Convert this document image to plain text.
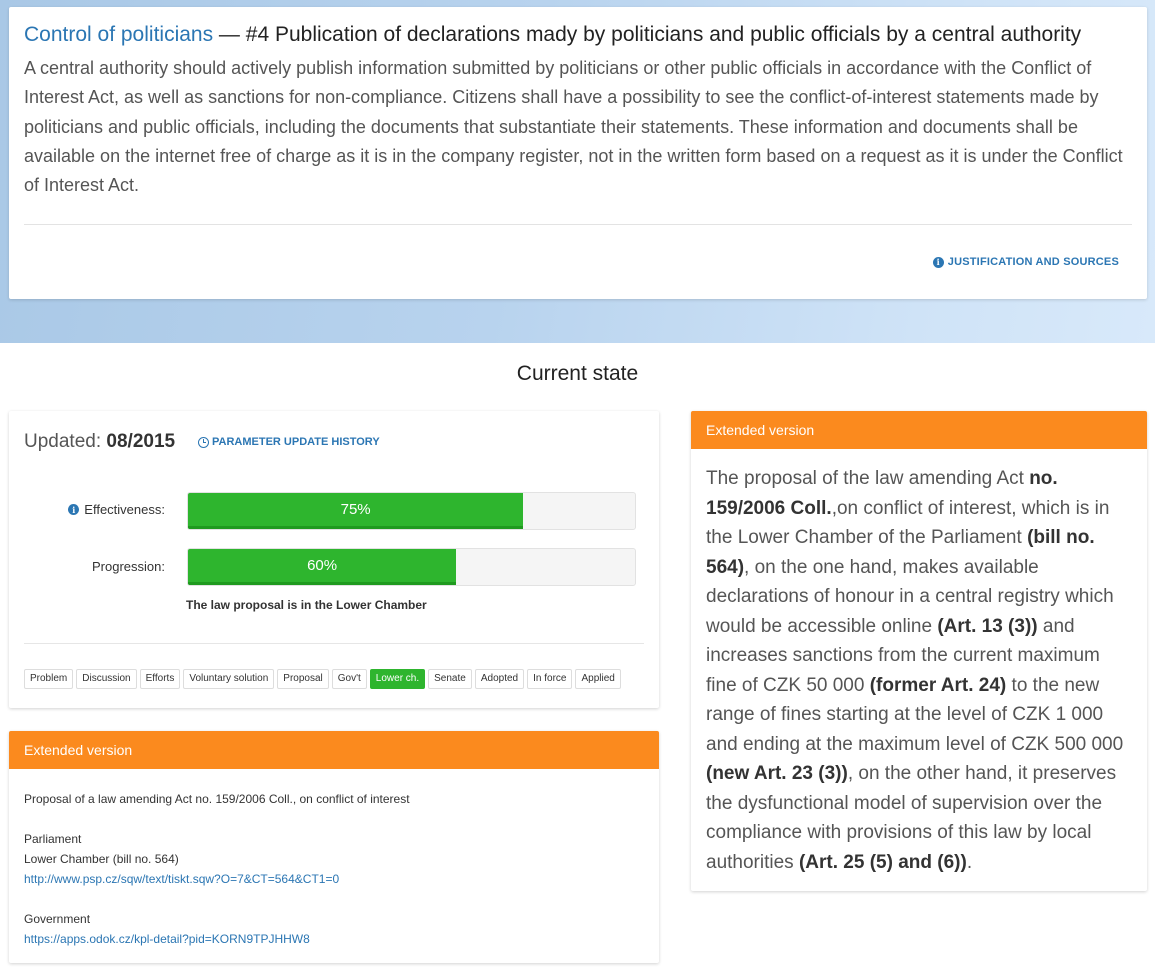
Control of politicians — #4 Publication of declarations mady by politicians and public officials by a central authority

A central authority should actively publish information submitted by politicians or other public officials in accordance with the Conflict of Interest Act, as well as sanctions for non-compliance. Citizens shall have a possibility to see the conflict-of-interest statements made by politicians and public officials, including the documents that substantiate their statements. These information and documents shall be available on the internet free of charge as it is in the company register, not in the written form based on a request as it is under the Conflict of Interest Act.

i JUSTIFICATION AND SOURCES
Current state
Updated: 08/2015	PARAMETER UPDATE HISTORY
i Effectiveness:	75%
Progression:	60%
The law proposal is in the Lower Chamber
Problem	Discussion	Efforts	Voluntary solution	Proposal	Gov't	Lower ch.	Senate	Adopted	In force	Applied
Extended version
Proposal of a law amending Act no. 159/2006 Coll., on conflict of interest
Parliament
Lower Chamber (bill no. 564)
http://www.psp.cz/sqw/text/tiskt.sqw?O=7&CT=564&CT1=0
Government
https://apps.odok.cz/kpl-detail?pid=KORN9TPJHHW8
Extended version
The proposal of the law amending Act no. 159/2006 Coll.,on conflict of interest, which is in the Lower Chamber of the Parliament (bill no. 564), on the one hand, makes available declarations of honour in a central registry which would be accessible online (Art. 13 (3)) and increases sanctions from the current maximum fine of CZK 50 000 (former Art. 24) to the new range of fines starting at the level of CZK 1 000 and ending at the maximum level of CZK 500 000 (new Art. 23 (3)), on the other hand, it preserves the dysfunctional model of supervision over the compliance with provisions of this law by local authorities (Art. 25 (5) and (6)).
